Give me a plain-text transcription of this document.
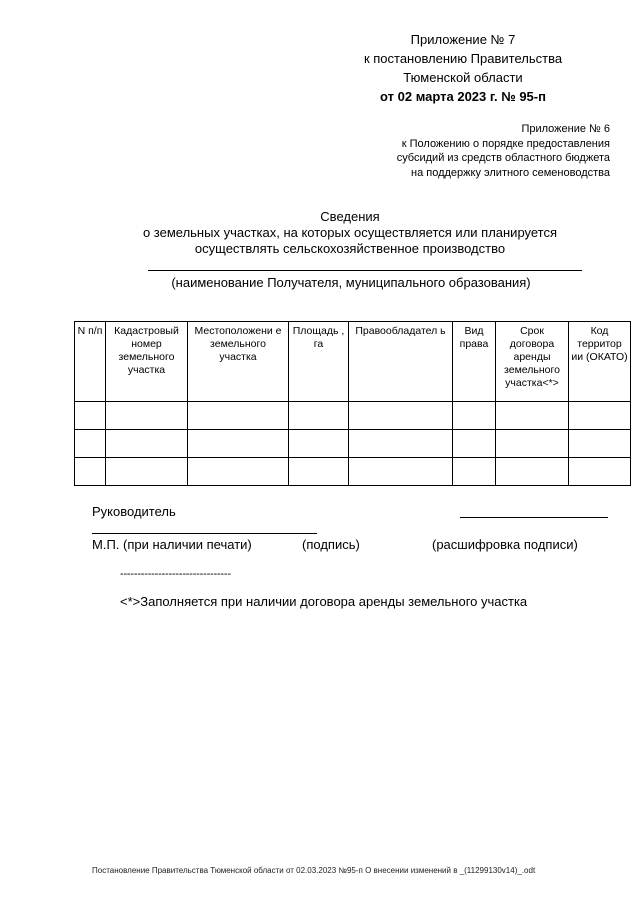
Приложение № 7
к постановлению Правительства
Тюменской области
от 02 марта 2023 г. № 95-п
Приложение № 6
к Положению о порядке предоставления
субсидий из средств областного бюджета
на поддержку элитного семеноводства
Сведения
о земельных участках, на которых осуществляется или планируется
осуществлять сельскохозяйственное производство
(наименование Получателя, муниципального образования)
N п/п	Кадастровый номер земельного участка	Местоположени е земельного участка	Площадь , га	Правообладател ь	Вид права	Срок договора аренды земельного участка<*>	Код территор ии (ОКАТО)

Руководитель
М.П. (при наличии печати)	(подпись)	(расшифровка подписи)
--------------------------------
<*>Заполняется при наличии договора аренды земельного участка
Постановление Правительства Тюменской области от 02.03.2023 №95-п О внесении изменений в _(11299130v14)_.odt
